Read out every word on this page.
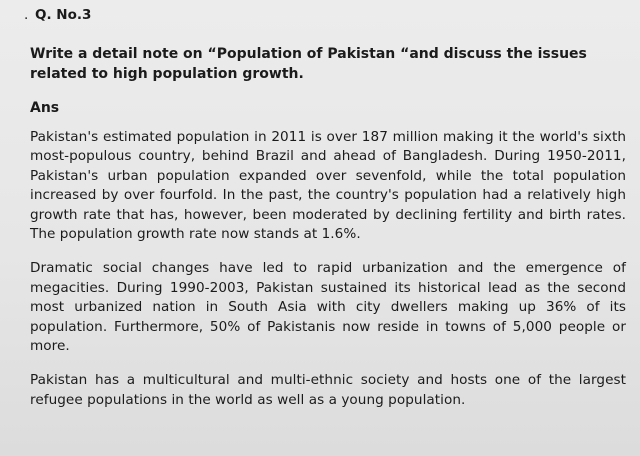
. Q. No.3

Write a detail note on “Population of Pakistan “and discuss the issues related to high population growth.

Ans

Pakistan's estimated population in 2011 is over 187 million making it the world's sixth most-populous country, behind Brazil and ahead of Bangladesh. During 1950-2011, Pakistan's urban population expanded over sevenfold, while the total population increased by over fourfold. In the past, the country's population had a relatively high growth rate that has, however, been moderated by declining fertility and birth rates. The population growth rate now stands at 1.6%.

Dramatic social changes have led to rapid urbanization and the emergence of megacities. During 1990-2003, Pakistan sustained its historical lead as the second most urbanized nation in South Asia with city dwellers making up 36% of its population. Furthermore, 50% of Pakistanis now reside in towns of 5,000 people or more.

Pakistan has a multicultural and multi-ethnic society and hosts one of the largest refugee populations in the world as well as a young population.
